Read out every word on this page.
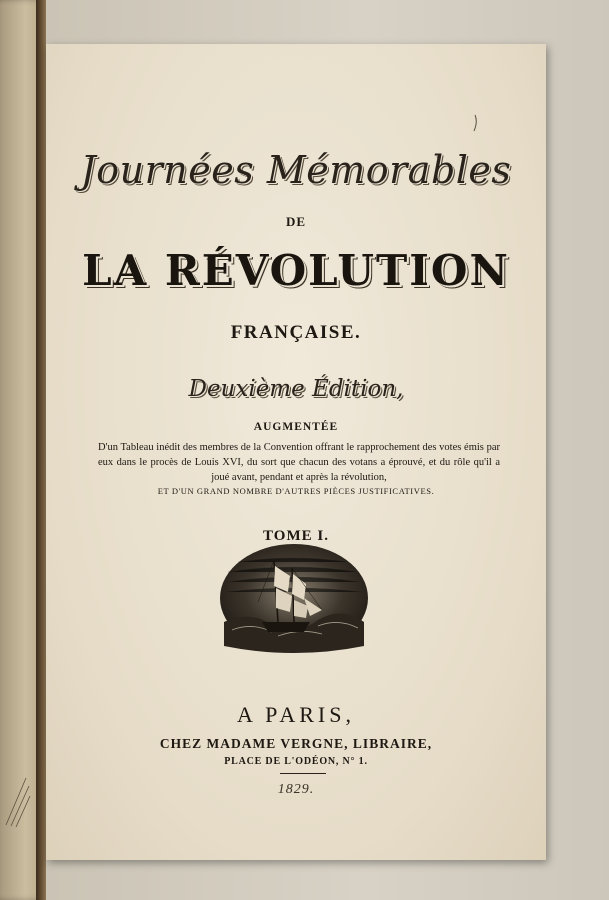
Journées Mémorables
DE
LA RÉVOLUTION
FRANÇAISE.
Deuxième Édition,
AUGMENTÉE

D'un Tableau inédit des membres de la Convention offrant le rapprochement des votes émis par eux dans le procès de Louis XVI, du sort que chacun des votans a éprouvé, et du rôle qu'il a joué avant, pendant et après la révolution,

ET D'UN GRAND NOMBRE D'AUTRES PIÈCES JUSTIFICATIVES.
TOME I.
A PARIS,
CHEZ MADAME VERGNE, LIBRAIRE,
PLACE DE L'ODÉON, N° 1.
1829.
